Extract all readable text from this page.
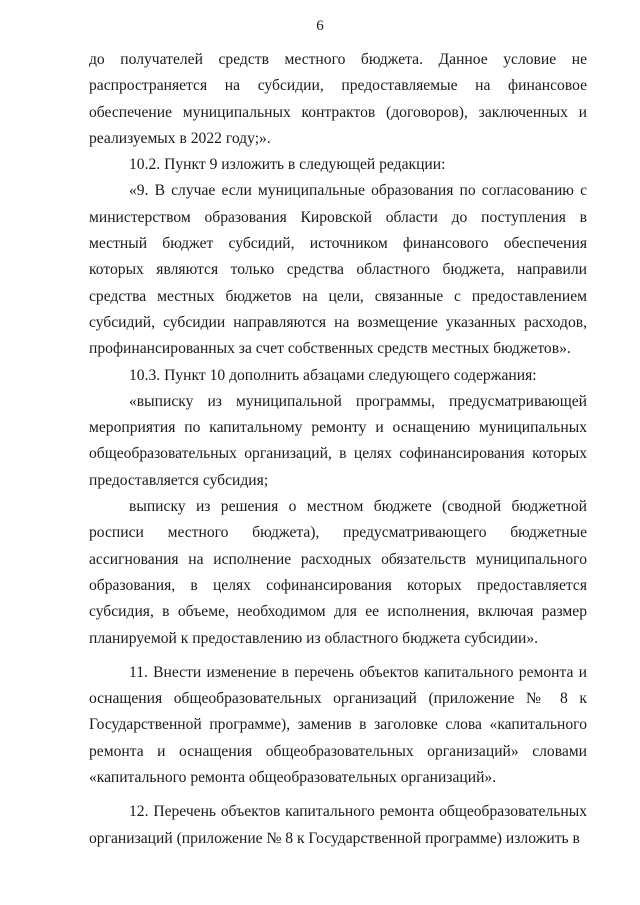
6

до получателей средств местного бюджета. Данное условие не распространяется на субсидии, предоставляемые на финансовое обеспечение муниципальных контрактов (договоров), заключенных и реализуемых в 2022 году;».

10.2. Пункт 9 изложить в следующей редакции:

«9. В случае если муниципальные образования по согласованию с министерством образования Кировской области до поступления в местный бюджет субсидий, источником финансового обеспечения которых являются только средства областного бюджета, направили средства местных бюджетов на цели, связанные с предоставлением субсидий, субсидии направляются на возмещение указанных расходов, профинансированных за счет собственных средств местных бюджетов».

10.3. Пункт 10 дополнить абзацами следующего содержания:

«выписку из муниципальной программы, предусматривающей мероприятия по капитальному ремонту и оснащению муниципальных общеобразовательных организаций, в целях софинансирования которых предоставляется субсидия;

выписку из решения о местном бюджете (сводной бюджетной росписи местного бюджета), предусматривающего бюджетные ассигнования на исполнение расходных обязательств муниципального образования, в целях софинансирования которых предоставляется субсидия, в объеме, необходимом для ее исполнения, включая размер планируемой к предоставлению из областного бюджета субсидии».

11. Внести изменение в перечень объектов капитального ремонта и оснащения общеобразовательных организаций (приложение № 8 к Государственной программе), заменив в заголовке слова «капитального ремонта и оснащения общеобразовательных организаций» словами «капитального ремонта общеобразовательных организаций».

12. Перечень объектов капитального ремонта общеобразовательных организаций (приложение № 8 к Государственной программе) изложить в
